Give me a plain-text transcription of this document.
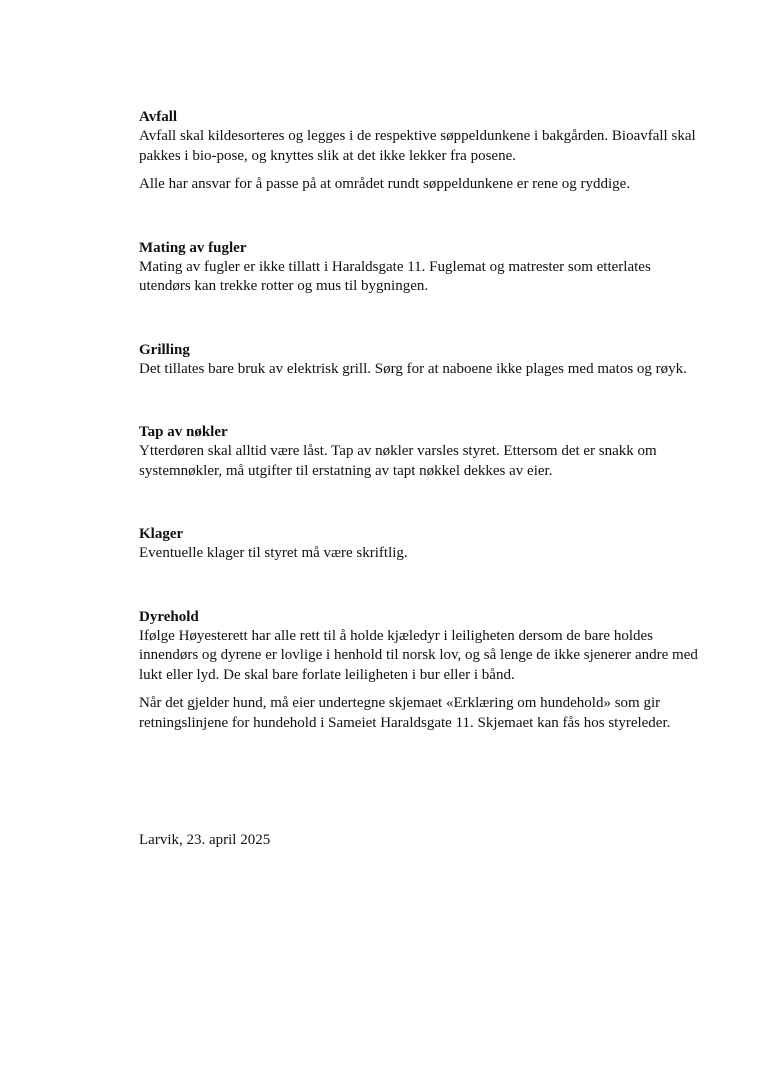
Avfall

Avfall skal kildesorteres og legges i de respektive søppeldunkene i bakgården. Bioavfall skal pakkes i bio-pose, og knyttes slik at det ikke lekker fra posene.

Alle har ansvar for å passe på at området rundt søppeldunkene er rene og ryddige.

Mating av fugler

Mating av fugler er ikke tillatt i Haraldsgate 11. Fuglemat og matrester som etterlates utendørs kan trekke rotter og mus til bygningen.

Grilling

Det tillates bare bruk av elektrisk grill. Sørg for at naboene ikke plages med matos og røyk.

Tap av nøkler

Ytterdøren skal alltid være låst. Tap av nøkler varsles styret. Ettersom det er snakk om systemnøkler, må utgifter til erstatning av tapt nøkkel dekkes av eier.

Klager

Eventuelle klager til styret må være skriftlig.

Dyrehold

Ifølge Høyesterett har alle rett til å holde kjæledyr i leiligheten dersom de bare holdes innendørs og dyrene er lovlige i henhold til norsk lov, og så lenge de ikke sjenerer andre med lukt eller lyd. De skal bare forlate leiligheten i bur eller i bånd.

Når det gjelder hund, må eier undertegne skjemaet «Erklæring om hundehold» som gir retningslinjene for hundehold i Sameiet Haraldsgate 11. Skjemaet kan fås hos styreleder.

Larvik, 23. april 2025
